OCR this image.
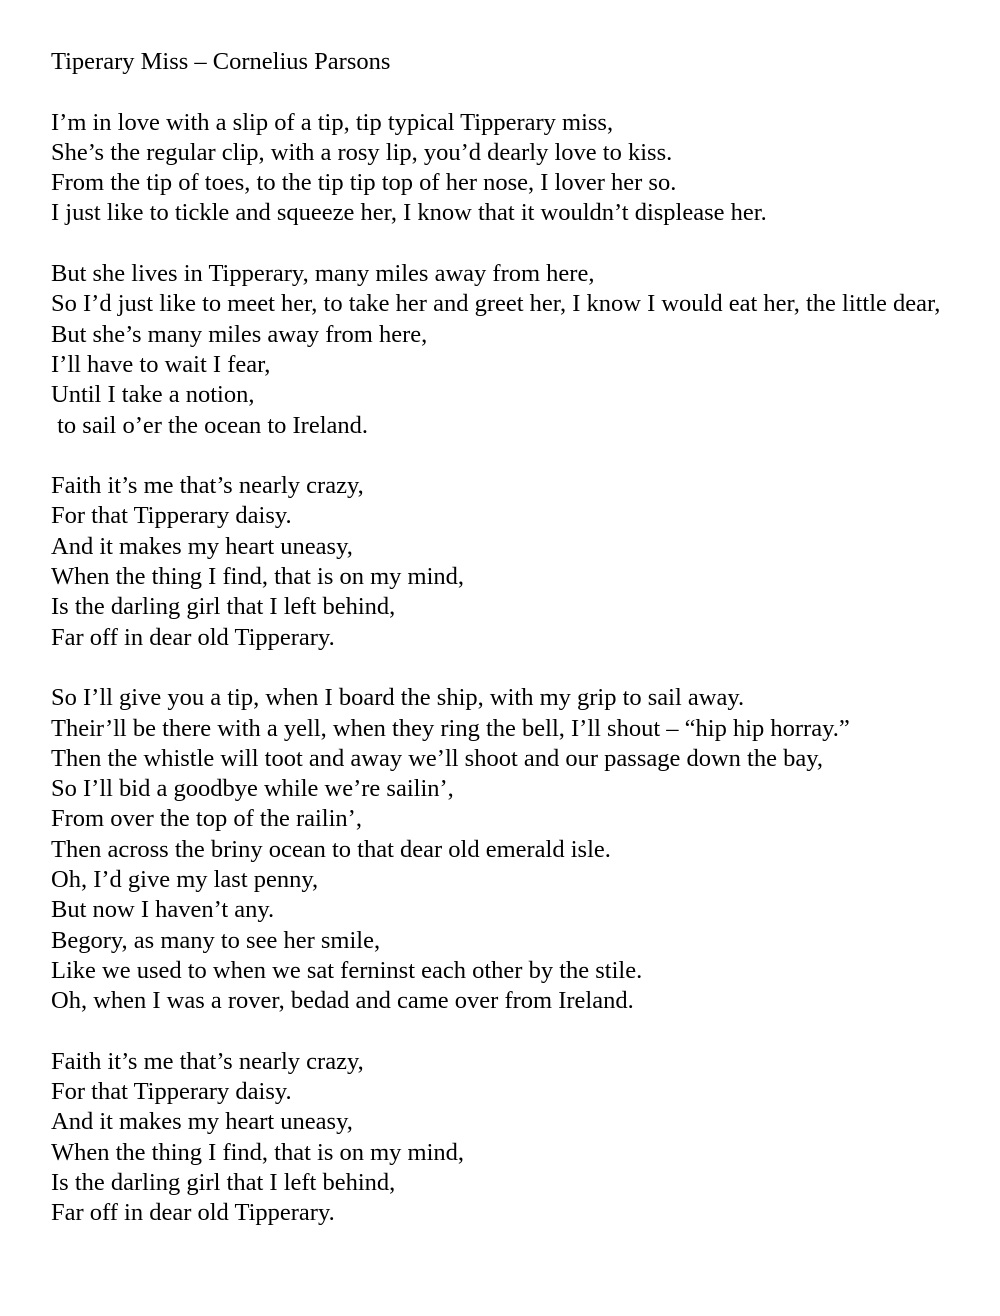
Tiperary Miss – Cornelius Parsons
I’m in love with a slip of a tip, tip typical Tipperary miss,
She’s the regular clip, with a rosy lip, you’d dearly love to kiss.
From the tip of toes, to the tip tip top of her nose, I lover her so.
I just like to tickle and squeeze her, I know that it wouldn’t displease her.
But she lives in Tipperary, many miles away from here,
So I’d just like to meet her, to take her and greet her, I know I would eat her, the little dear,
But she’s many miles away from here,
I’ll have to wait I fear,
Until I take a notion,
to sail o’er the ocean to Ireland.
Faith it’s me that’s nearly crazy,
For that Tipperary daisy.
And it makes my heart uneasy,
When the thing I find, that is on my mind,
Is the darling girl that I left behind,
Far off in dear old Tipperary.
So I’ll give you a tip, when I board the ship, with my grip to sail away.
Their’ll be there with a yell, when they ring the bell, I’ll shout – “hip hip horray.”
Then the whistle will toot and away we’ll shoot and our passage down the bay,
So I’ll bid a goodbye while we’re sailin’,
From over the top of the railin’,
Then across the briny ocean to that dear old emerald isle.
Oh, I’d give my last penny,
But now I haven’t any.
Begory, as many to see her smile,
Like we used to when we sat ferninst each other by the stile.
Oh, when I was a rover, bedad and came over from Ireland.
Faith it’s me that’s nearly crazy,
For that Tipperary daisy.
And it makes my heart uneasy,
When the thing I find, that is on my mind,
Is the darling girl that I left behind,
Far off in dear old Tipperary.
